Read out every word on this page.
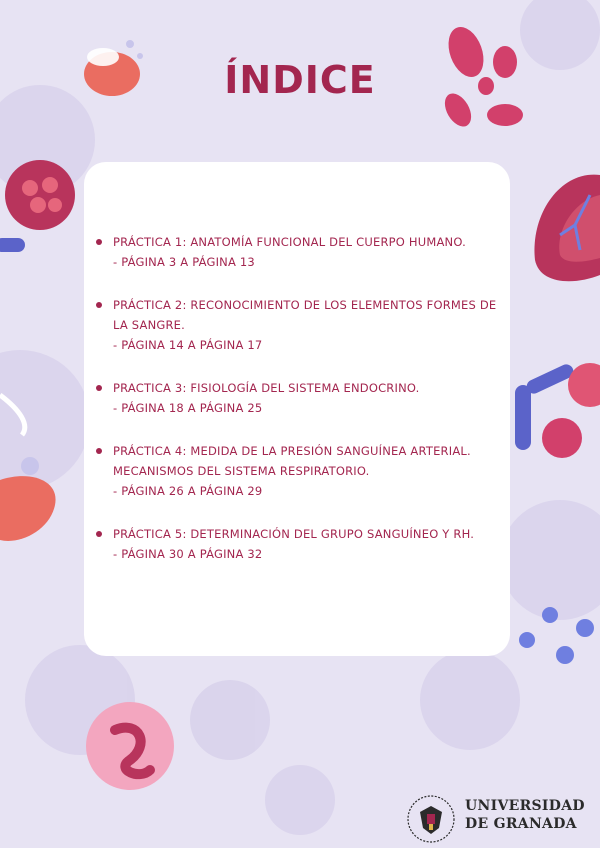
ÍNDICE
PRÁCTICA 1: ANATOMÍA FUNCIONAL DEL CUERPO HUMANO.
- PÁGINA 3 A PÁGINA 13
PRÁCTICA 2: RECONOCIMIENTO DE LOS ELEMENTOS FORMES DE
LA SANGRE.
- PÁGINA 14 A PÁGINA 17
PRACTICA 3: FISIOLOGÍA DEL SISTEMA ENDOCRINO.
- PÁGINA 18 A PÁGINA 25
PRÁCTICA 4: MEDIDA DE LA PRESIÓN SANGUÍNEA ARTERIAL.
MECANISMOS DEL SISTEMA RESPIRATORIO.
- PÁGINA 26 A PÁGINA 29
PRÁCTICA 5: DETERMINACIÓN DEL GRUPO SANGUÍNEO Y RH.
- PÁGINA 30 A PÁGINA 32
UNIVERSIDAD
DE GRANADA
